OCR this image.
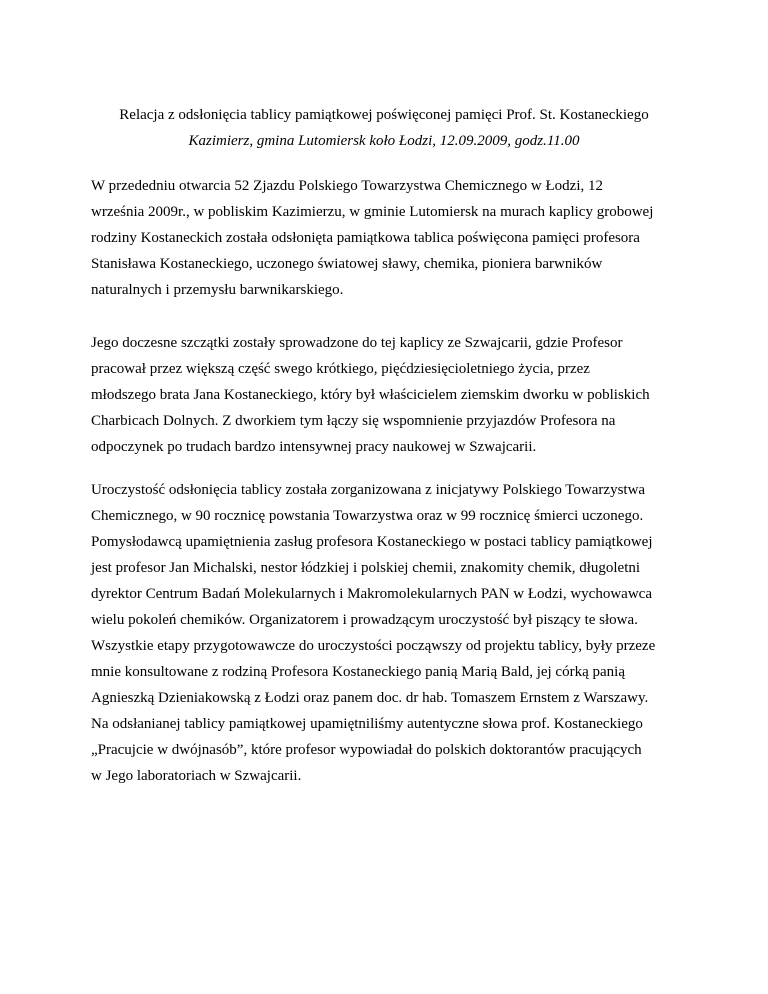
Relacja z odsłonięcia tablicy pamiątkowej poświęconej pamięci Prof. St. Kostaneckiego
Kazimierz, gmina Lutomiersk koło Łodzi, 12.09.2009, godz.11.00
W przededniu otwarcia 52 Zjazdu Polskiego Towarzystwa Chemicznego w Łodzi, 12
września 2009r., w pobliskim Kazimierzu, w gminie Lutomiersk na murach kaplicy grobowej
rodziny Kostaneckich została odsłonięta pamiątkowa tablica poświęcona pamięci profesora
Stanisława Kostaneckiego, uczonego światowej sławy, chemika, pioniera barwników
naturalnych i przemysłu barwnikarskiego.
Jego doczesne szczątki zostały sprowadzone do tej kaplicy ze Szwajcarii, gdzie Profesor
pracował przez większą część swego krótkiego, pięćdziesięcioletniego życia, przez
młodszego brata Jana Kostaneckiego, który był właścicielem ziemskim dworku w pobliskich
Charbicach Dolnych. Z dworkiem tym łączy się wspomnienie przyjazdów Profesora na
odpoczynek po trudach bardzo intensywnej pracy naukowej w Szwajcarii.
Uroczystość odsłonięcia tablicy została zorganizowana z inicjatywy Polskiego Towarzystwa
Chemicznego, w 90 rocznicę powstania Towarzystwa oraz w 99 rocznicę śmierci uczonego.
Pomysłodawcą upamiętnienia zasług profesora Kostaneckiego w postaci tablicy pamiątkowej
jest profesor Jan Michalski, nestor łódzkiej i polskiej chemii, znakomity chemik, długoletni
dyrektor Centrum Badań Molekularnych i Makromolekularnych PAN w Łodzi, wychowawca
wielu pokoleń chemików. Organizatorem i prowadzącym uroczystość był piszący te słowa.
Wszystkie etapy przygotowawcze do uroczystości począwszy od projektu tablicy, były przeze
mnie konsultowane z rodziną Profesora Kostaneckiego panią Marią Bald, jej córką panią
Agnieszką Dzieniakowską z Łodzi oraz panem doc. dr hab. Tomaszem Ernstem z Warszawy.
Na odsłanianej tablicy pamiątkowej upamiętniliśmy autentyczne słowa prof. Kostaneckiego
„Pracujcie w dwójnasób”, które profesor wypowiadał do polskich doktorantów pracujących
w Jego laboratoriach w Szwajcarii.
